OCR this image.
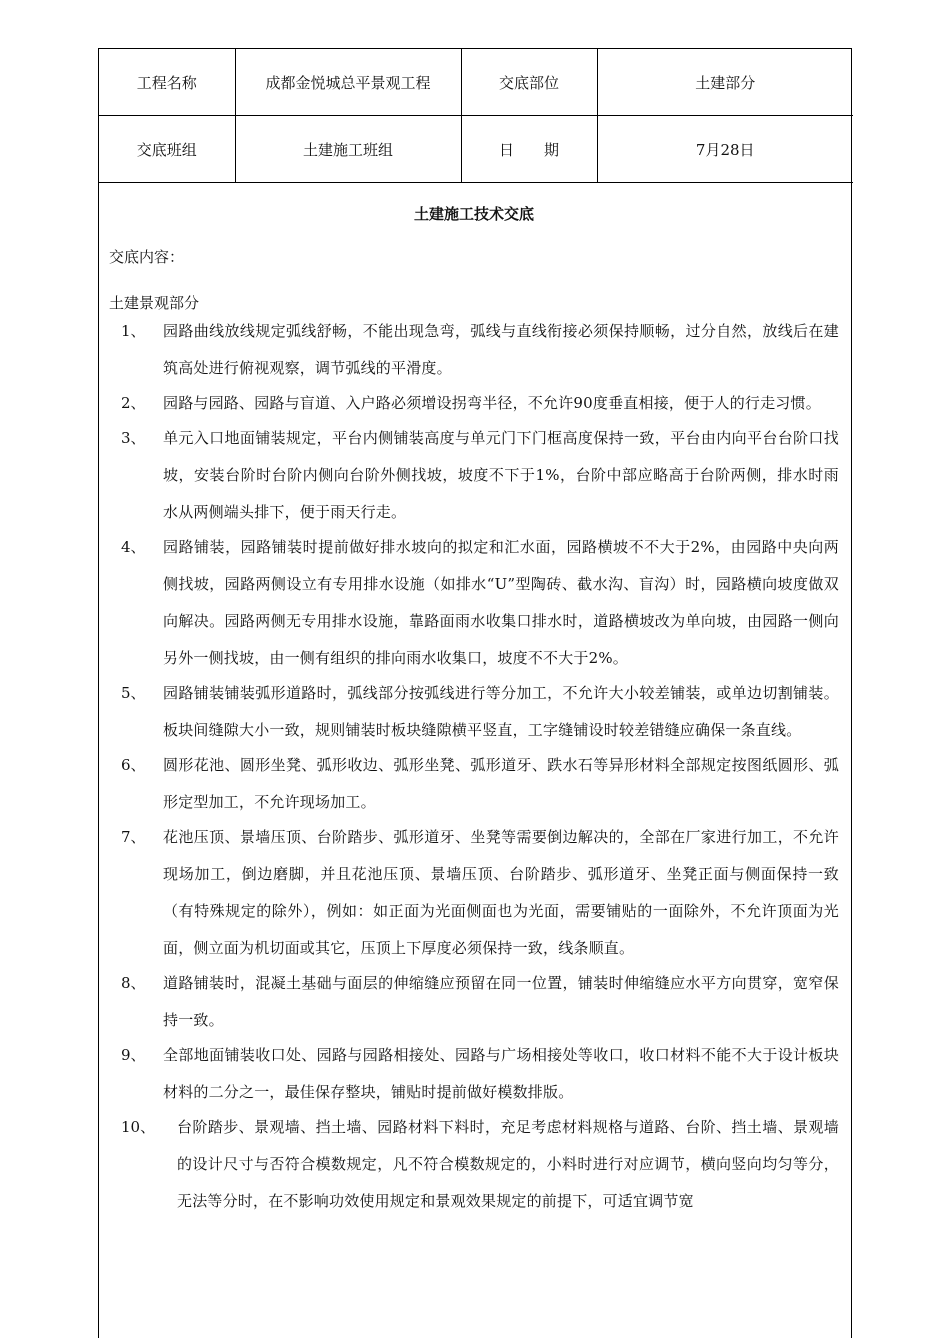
工程名称	成都金悦城总平景观工程	交底部位	土建部分
交底班组	土建施工班组	日　　期	7月28日
土建施工技术交底
交底内容：
土建景观部分
1、	园路曲线放线规定弧线舒畅，不能出现急弯，弧线与直线衔接必须保持顺畅，过分自然，放线后在建筑高处进行俯视观察，调节弧线的平滑度。
2、	园路与园路、园路与盲道、入户路必须增设拐弯半径，不允许90度垂直相接，便于人的行走习惯。
3、	单元入口地面铺装规定，平台内侧铺装高度与单元门下门框高度保持一致，平台由内向平台台阶口找坡，安装台阶时台阶内侧向台阶外侧找坡，坡度不下于1%，台阶中部应略高于台阶两侧，排水时雨水从两侧端头排下，便于雨天行走。
4、	园路铺装，园路铺装时提前做好排水坡向的拟定和汇水面，园路横坡不不大于2%，由园路中央向两侧找坡，园路两侧设立有专用排水设施（如排水“U”型陶砖、截水沟、盲沟）时，园路横向坡度做双向解决。园路两侧无专用排水设施，靠路面雨水收集口排水时，道路横坡改为单向坡，由园路一侧向另外一侧找坡，由一侧有组织的排向雨水收集口，坡度不不大于2%。
5、	园路铺装铺装弧形道路时，弧线部分按弧线进行等分加工，不允许大小较差铺装，或单边切割铺装。板块间缝隙大小一致，规则铺装时板块缝隙横平竖直，工字缝铺设时较差错缝应确保一条直线。
6、	圆形花池、圆形坐凳、弧形收边、弧形坐凳、弧形道牙、跌水石等异形材料全部规定按图纸圆形、弧形定型加工，不允许现场加工。
7、	花池压顶、景墙压顶、台阶踏步、弧形道牙、坐凳等需要倒边解决的，全部在厂家进行加工，不允许现场加工，倒边磨脚，并且花池压顶、景墙压顶、台阶踏步、弧形道牙、坐凳正面与侧面保持一致（有特殊规定的除外），例如：如正面为光面侧面也为光面，需要铺贴的一面除外，不允许顶面为光面，侧立面为机切面或其它，压顶上下厚度必须保持一致，线条顺直。
8、	道路铺装时，混凝土基础与面层的伸缩缝应预留在同一位置，铺装时伸缩缝应水平方向贯穿，宽窄保持一致。
9、	全部地面铺装收口处、园路与园路相接处、园路与广场相接处等收口，收口材料不能不大于设计板块材料的二分之一，最佳保存整块，铺贴时提前做好模数排版。
10、	台阶踏步、景观墙、挡土墙、园路材料下料时，充足考虑材料规格与道路、台阶、挡土墙、景观墙的设计尺寸与否符合模数规定，凡不符合模数规定的，小料时进行对应调节，横向竖向均匀等分，无法等分时，在不影响功效使用规定和景观效果规定的前提下，可适宜调节宽
